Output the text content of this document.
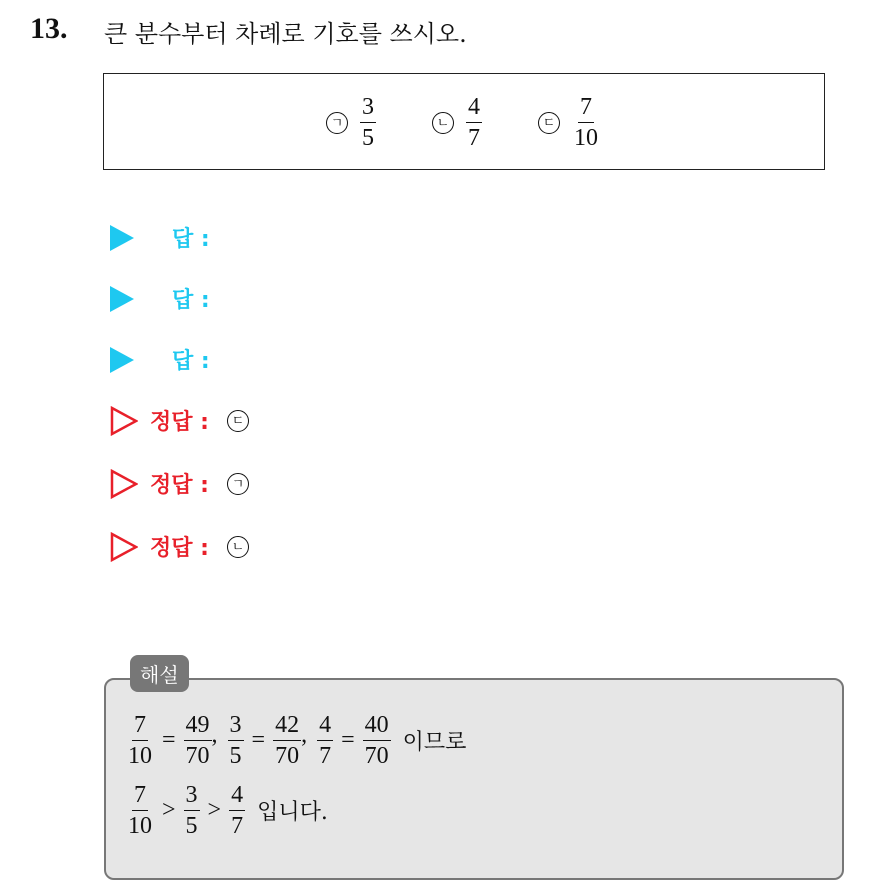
13. 큰 분수부터 차례로 기호를 쓰시오.
ㄱ $\frac{3}{5}$	ㄴ $\frac{4}{7}$	ㄷ $\frac{7}{10}$
답 :
답 :
답 :
정답 :	ㄷ
정답 :	ㄱ
정답 :	ㄴ
해설
$\frac{7}{10} = \frac{49}{70}$ , $\frac{3}{5} = \frac{42}{70}$ , $\frac{4}{7} = \frac{40}{70}$ 이므로
$\frac{7}{10} > \frac{3}{5} > \frac{4}{7}$ 입니다.
